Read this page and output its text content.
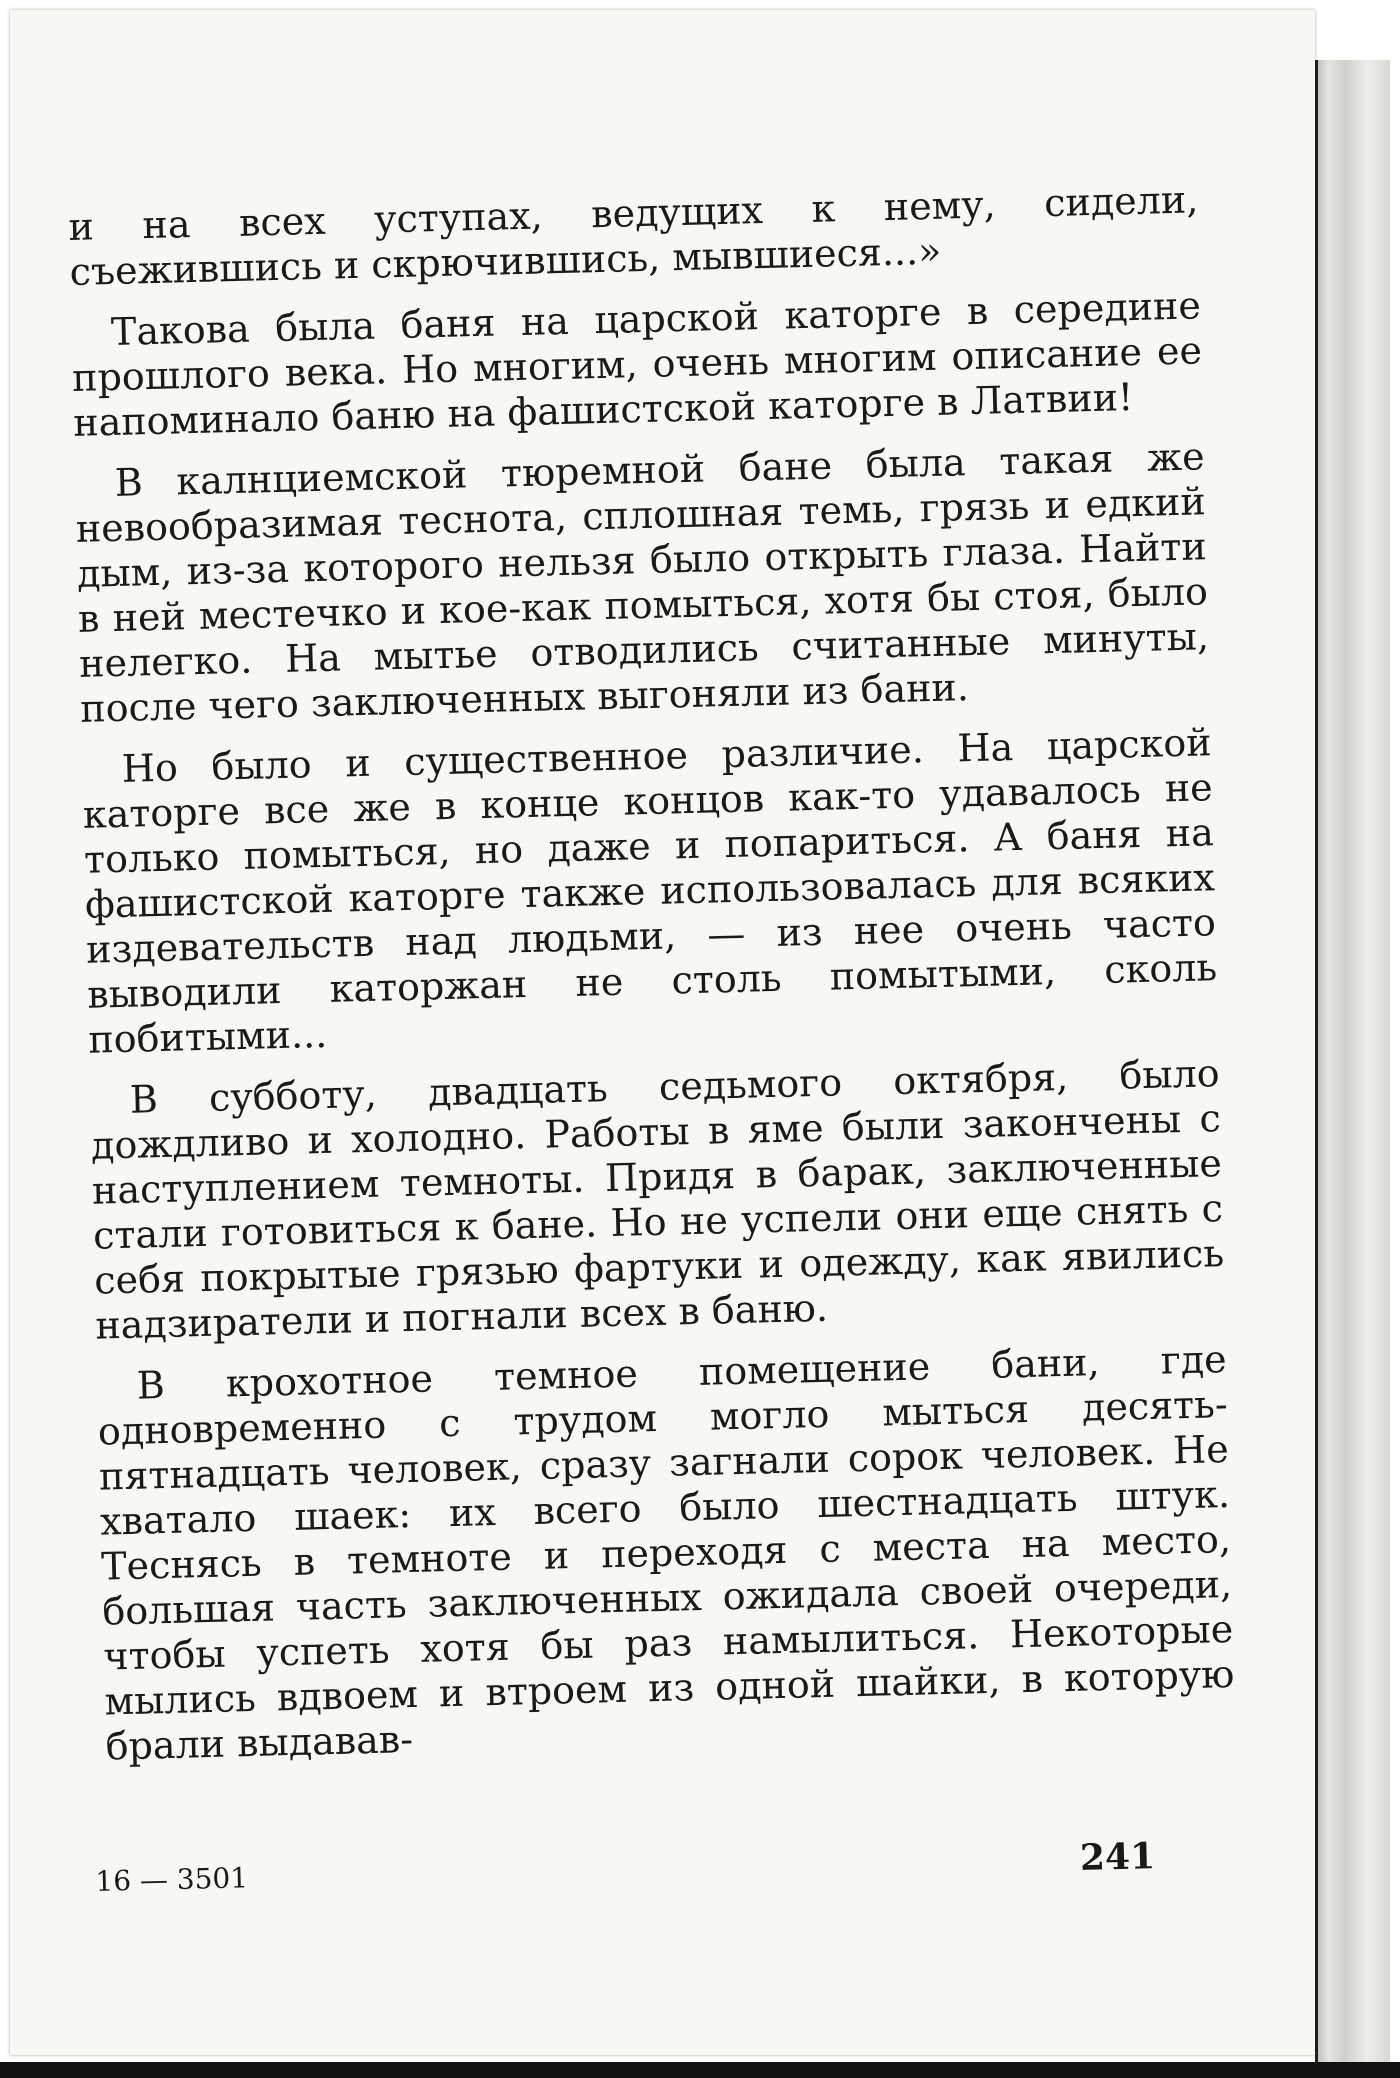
и на всех уступах, ведущих к нему, сидели, съежившись и скрючившись, мывшиеся...»

Такова была баня на царской каторге в середине прошлого века. Но многим, очень многим описание ее напоминало баню на фашистской каторге в Латвии!

В калнциемской тюремной бане была такая же невообразимая теснота, сплошная темь, грязь и едкий дым, из-за которого нельзя было открыть глаза. Найти в ней местечко и кое-как помыться, хотя бы стоя, было нелегко. На мытье отводились считанные минуты, после чего заключенных выгоняли из бани.

Но было и существенное различие. На царской каторге все же в конце концов как-то удавалось не только помыться, но даже и попариться. А баня на фашистской каторге также использовалась для всяких издевательств над людьми, — из нее очень часто выводили каторжан не столь помытыми, сколь побитыми...

В субботу, двадцать седьмого октября, было дождливо и холодно. Работы в яме были закончены с наступлением темноты. Придя в барак, заключенные стали готовиться к бане. Но не успели они еще снять с себя покрытые грязью фартуки и одежду, как явились надзиратели и погнали всех в баню.

В крохотное темное помещение бани, где одновременно с трудом могло мыться десять-пятнадцать человек, сразу загнали сорок человек. Не хватало шаек: их всего было шестнадцать штук. Теснясь в темноте и переходя с места на место, большая часть заключенных ожидала своей очереди, чтобы успеть хотя бы раз намылиться. Некоторые мылись вдвоем и втроем из одной шайки, в которую брали выдавав-

16 — 3501
241
